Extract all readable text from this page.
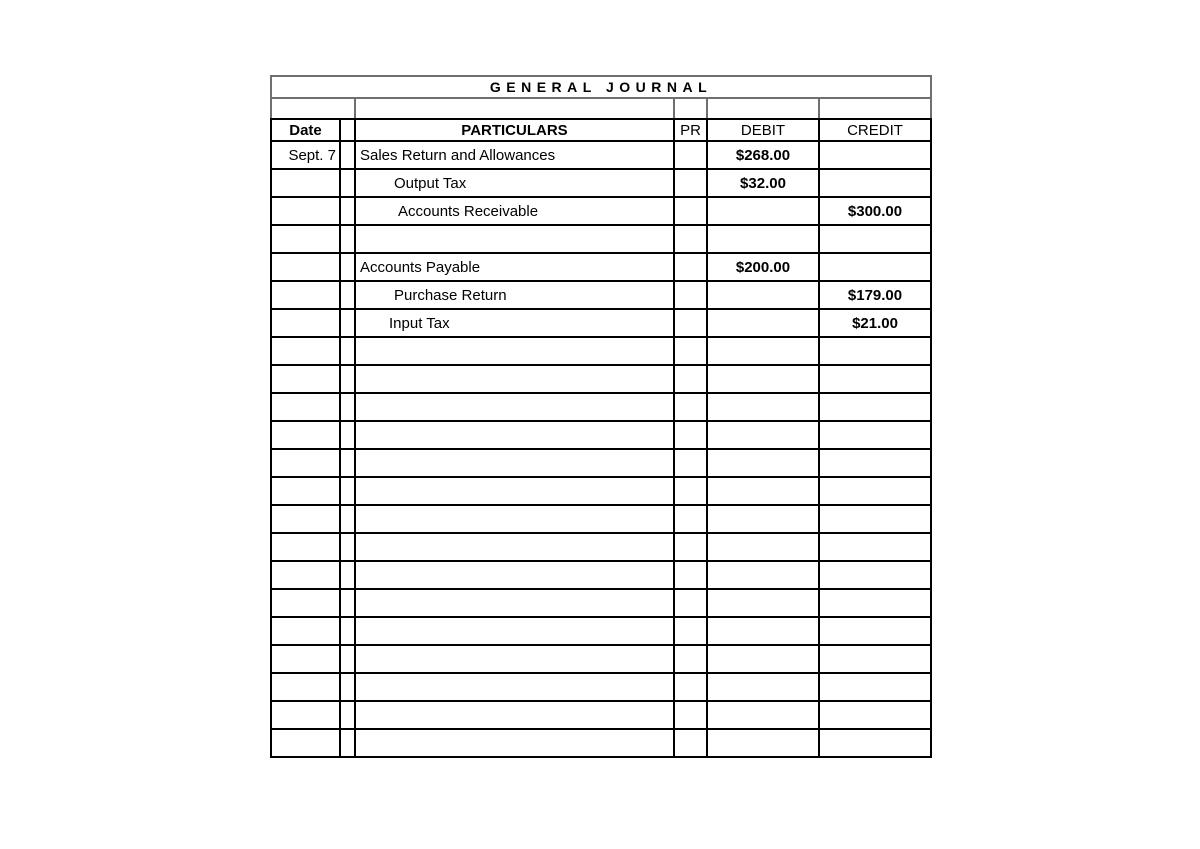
GENERAL JOURNAL					

Date		PARTICULARS	PR	DEBIT	CREDIT
Sept. 7		Sales Return and Allowances		$268.00	
		Output Tax		$32.00	
		Accounts Receivable			$300.00

		Accounts Payable		$200.00	
		Purchase Return			$179.00
		Input Tax			$21.00
